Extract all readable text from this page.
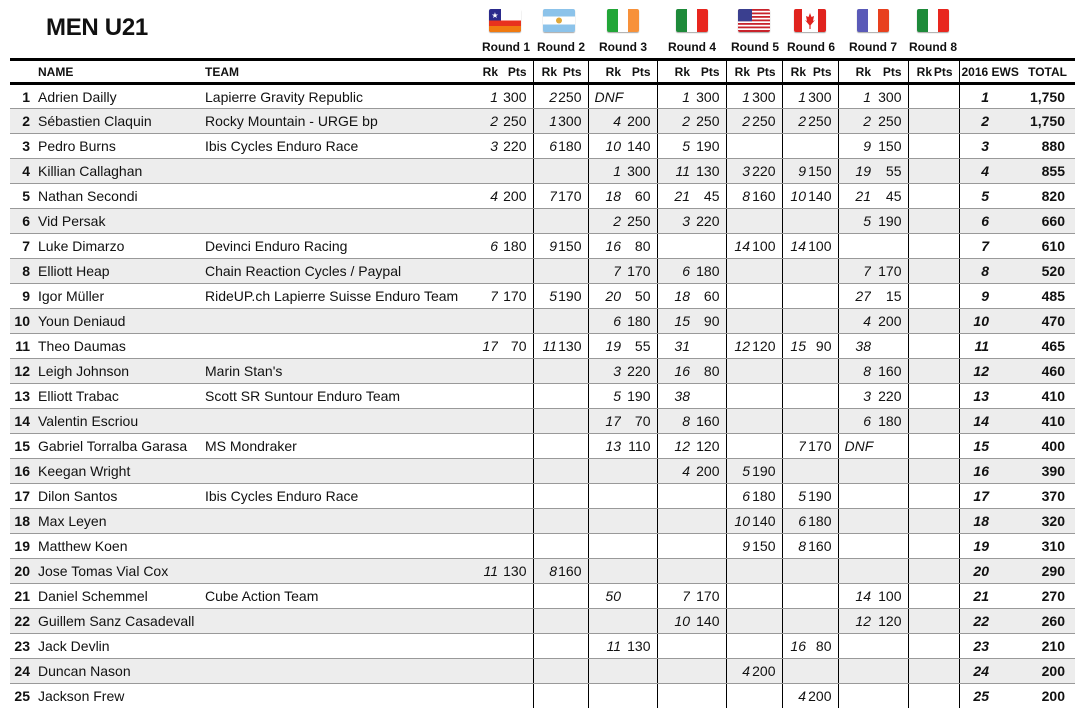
MEN U21	★
Round 1 Round 2	Round 3	Round 4	Round 5 Round 6	Round 7	Round 8
	NAME	TEAM	Rk	Pts	Rk	Pts	Rk	Pts	Rk	Pts	Rk	Pts	Rk	Pts	Rk	Pts	Rk	Pts	2016 EWS	TOTAL
1	Adrien Dailly	Lapierre Gravity Republic	1	300	2	250	DNF		1	300	1	300	1	300	1	300			1	1,750
2	Sébastien Claquin	Rocky Mountain - URGE bp	2	250	1	300	4	200	2	250	2	250	2	250	2	250			2	1,750
3	Pedro Burns	Ibis Cycles Enduro Race	3	220	6	180	10	140	5	190					9	150			3	880
4	Killian Callaghan						1	300	11	130	3	220	9	150	19	55			4	855
5	Nathan Secondi		4	200	7	170	18	60	21	45	8	160	10	140	21	45			5	820
6	Vid Persak						2	250	3	220					5	190			6	660
7	Luke Dimarzo	Devinci Enduro Racing	6	180	9	150	16	80			14	100	14	100					7	610
8	Elliott Heap	Chain Reaction Cycles / Paypal					7	170	6	180					7	170			8	520
9	Igor Müller	RideUP.ch Lapierre Suisse Enduro Team	7	170	5	190	20	50	18	60					27	15			9	485
10	Youn Deniaud						6	180	15	90					4	200			10	470
11	Theo Daumas		17	70	11	130	19	55	31		12	120	15	90	38				11	465
12	Leigh Johnson	Marin Stan's					3	220	16	80					8	160			12	460
13	Elliott Trabac	Scott SR Suntour Enduro Team					5	190	38						3	220			13	410
14	Valentin Escriou						17	70	8	160					6	180			14	410
15	Gabriel Torralba Garasa	MS Mondraker					13	110	12	120			7	170	DNF				15	400
16	Keegan Wright								4	200	5	190							16	390
17	Dilon Santos	Ibis Cycles Enduro Race									6	180	5	190					17	370
18	Max Leyen										10	140	6	180					18	320
19	Matthew Koen										9	150	8	160					19	310
20	Jose Tomas Vial Cox		11	130	8	160													20	290
21	Daniel Schemmel	Cube Action Team					50		7	170					14	100			21	270
22	Guillem Sanz Casadevall								10	140					12	120			22	260
23	Jack Devlin						11	130					16	80					23	210
24	Duncan Nason										4	200							24	200
25	Jackson Frew												4	200					25	200
